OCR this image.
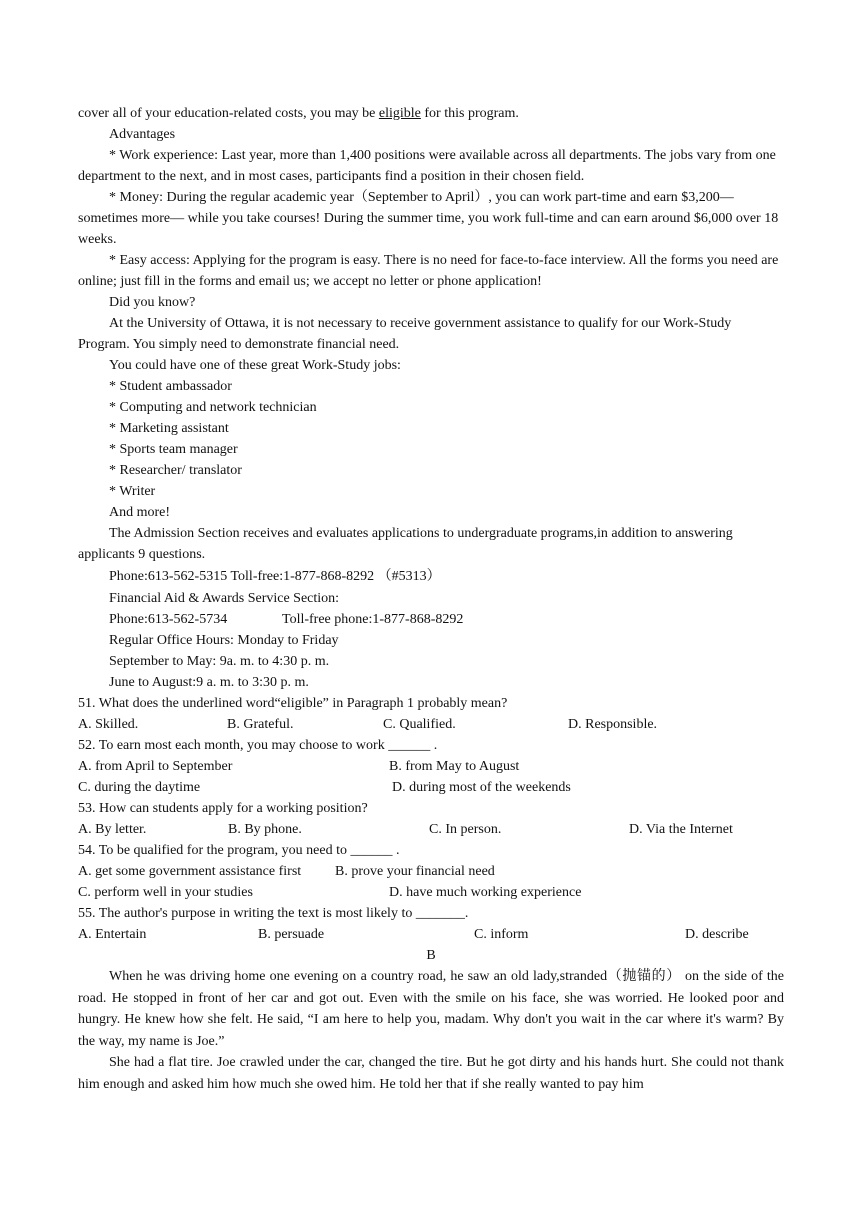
cover all of your education-related costs, you may be eligible for this program.

Advantages

* Work experience: Last year, more than 1,400 positions were available across all departments. The jobs vary from one department to the next, and in most cases, participants find a position in their chosen field.

* Money: During the regular academic year（September to April）, you can work part-time and earn $3,200—sometimes more— while you take courses! During the summer time, you work full-time and can earn around $6,000 over 18 weeks.

* Easy access: Applying for the program is easy. There is no need for face-to-face interview. All the forms you need are online; just fill in the forms and email us; we accept no letter or phone application!

Did you know?

At the University of Ottawa, it is not necessary to receive government assistance to qualify for our Work-Study Program. You simply need to demonstrate financial need.

You could have one of these great Work-Study jobs:

* Student ambassador

* Computing and network technician

* Marketing assistant

* Sports team manager

* Researcher/ translator

* Writer

And more!

The Admission Section receives and evaluates applications to undergraduate programs,in addition to answering applicants 9 questions.

Phone:613-562-5315 Toll-free:1-877-868-8292 （#5313）

Financial Aid & Awards Service Section:

Phone:613-562-5734	Toll-free phone:1-877-868-8292

Regular Office Hours: Monday to Friday

September to May: 9a. m. to 4:30 p. m.

June to August:9 a. m. to 3:30 p. m.

51. What does the underlined word“eligible” in Paragraph 1 probably mean?

A. Skilled.	B. Grateful.	C. Qualified.	D. Responsible.

52. To earn most each month, you may choose to work ______ .

A. from April to September	B. from May to August

C. during the daytime	D. during most of the weekends

53. How can students apply for a working position?

A. By letter.	B. By phone.	C. In person.	D. Via the Internet

54. To be qualified for the program, you need to ______ .

A. get some government assistance first	B. prove your financial need

C. perform well in your studies	D. have much working experience

55. The author's purpose in writing the text is most likely to _______.

A. Entertain	B. persuade	C. inform	D. describe

B

When he was driving home one evening on a country road, he saw an old lady,stranded（抛锚的） on the side of the road. He stopped in front of her car and got out. Even with the smile on his face, she was worried. He looked poor and hungry. He knew how she felt. He said, “I am here to help you, madam. Why don't you wait in the car where it's warm? By the way, my name is Joe.”

She had a flat tire. Joe crawled under the car, changed the tire. But he got dirty and his hands hurt. She could not thank him enough and asked him how much she owed him. He told her that if she really wanted to pay him
